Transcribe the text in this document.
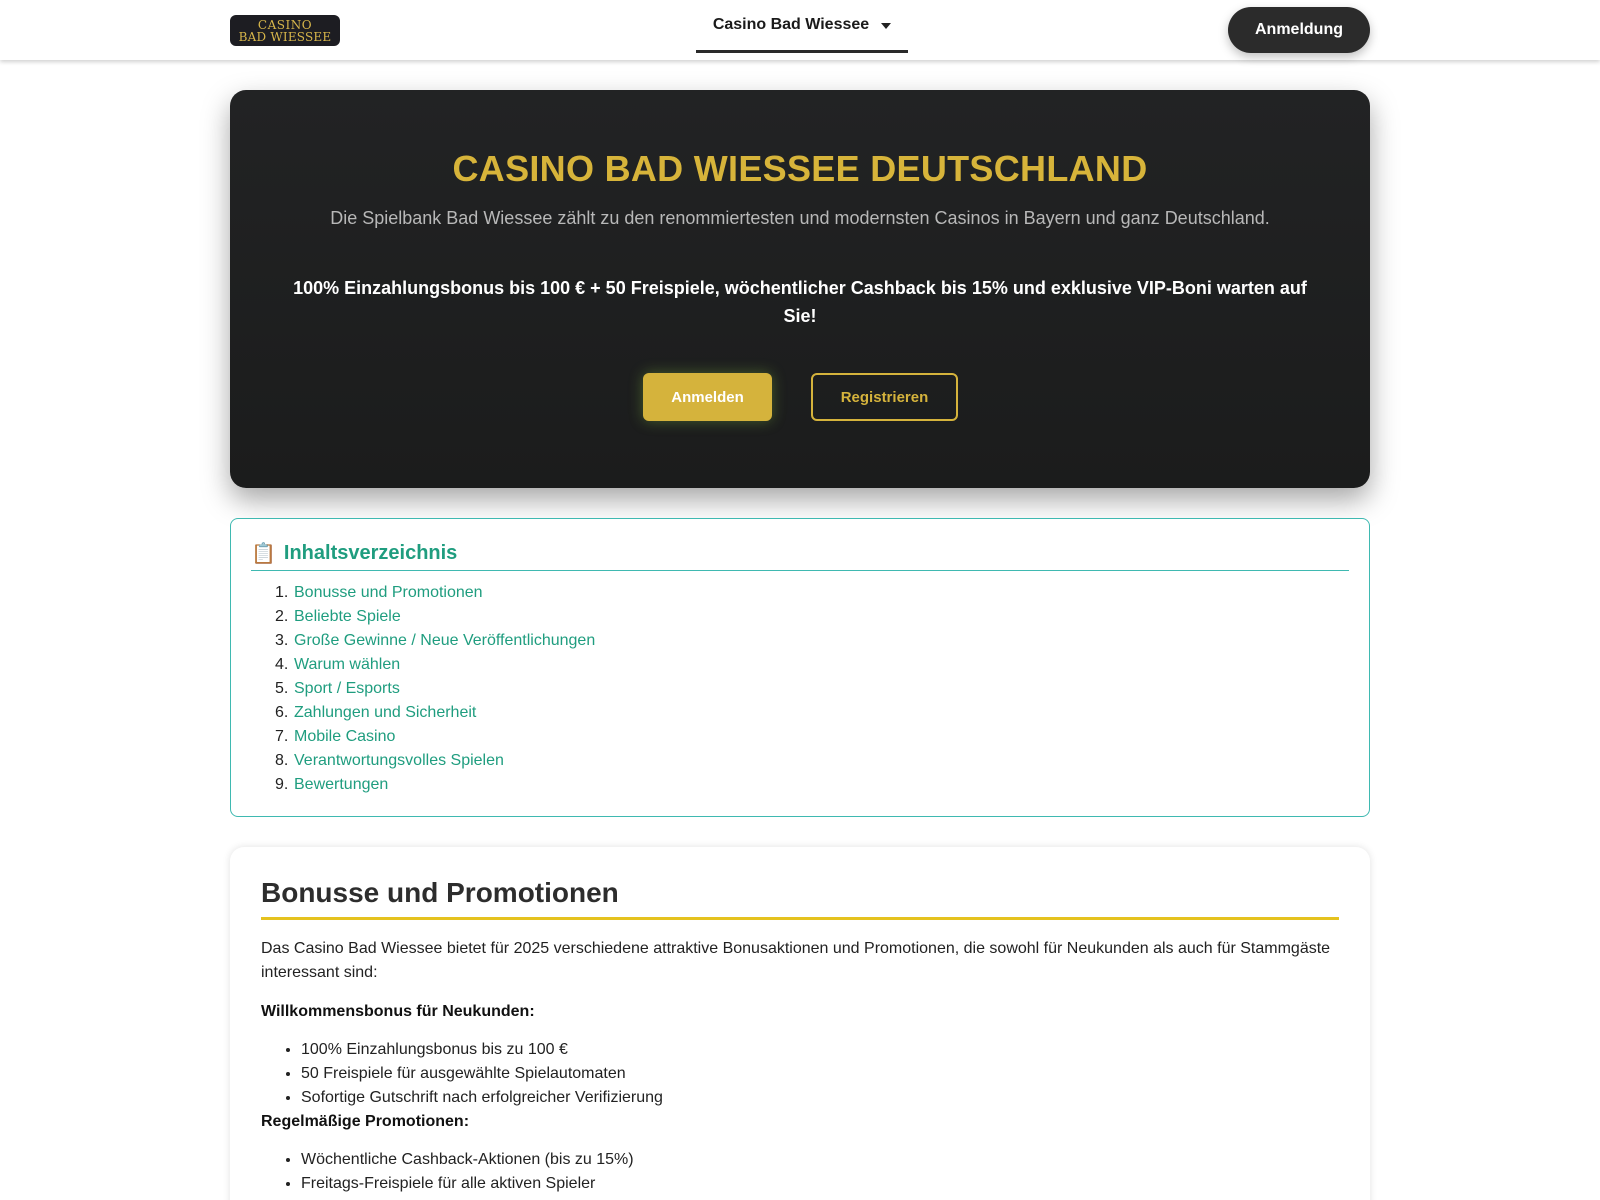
CASINO
BAD WIESSEE
Casino Bad Wiessee	Anmeldung
CASINO BAD WIESSEE DEUTSCHLAND
Die Spielbank Bad Wiessee zählt zu den renommiertesten und modernsten Casinos in Bayern und ganz Deutschland.
100% Einzahlungsbonus bis 100 € + 50 Freispiele, wöchentlicher Cashback bis 15% und exklusive VIP-Boni warten auf Sie!
Anmelden	Registrieren
📋 Inhaltsverzeichnis
1. Bonusse und Promotionen
2. Beliebte Spiele
3. Große Gewinne / Neue Veröffentlichungen
4. Warum wählen
5. Sport / Esports
6. Zahlungen und Sicherheit
7. Mobile Casino
8. Verantwortungsvolles Spielen
9. Bewertungen
Bonusse und Promotionen

Das Casino Bad Wiessee bietet für 2025 verschiedene attraktive Bonusaktionen und Promotionen, die sowohl für Neukunden als auch für Stammgäste interessant sind:

Willkommensbonus für Neukunden:
• 100% Einzahlungsbonus bis zu 100 €
• 50 Freispiele für ausgewählte Spielautomaten
• Sofortige Gutschrift nach erfolgreicher Verifizierung
Regelmäßige Promotionen:
• Wöchentliche Cashback-Aktionen (bis zu 15%)
• Freitags-Freispiele für alle aktiven Spieler
